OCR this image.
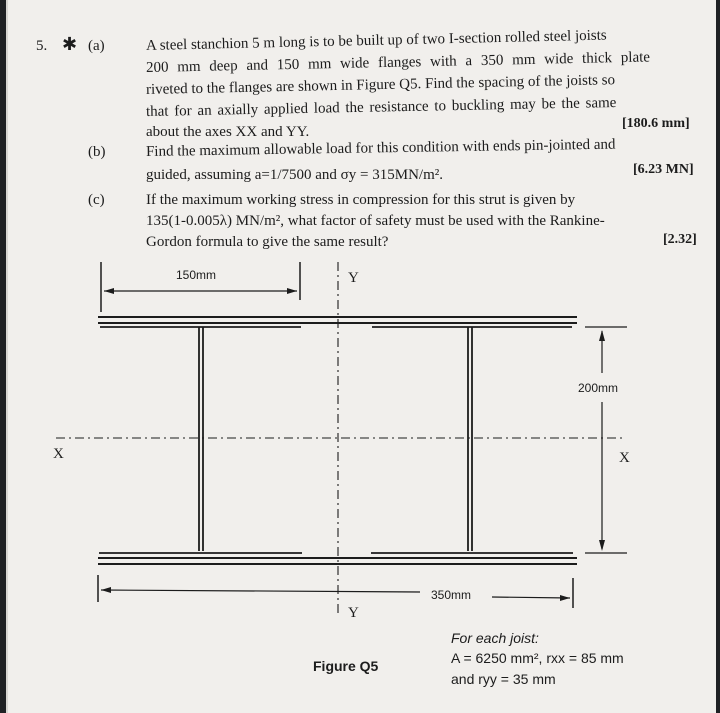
5. ✱ (a)	A steel stanchion 5 m long is to be built up of two I-section rolled steel joists
200 mm deep and 150 mm wide flanges with a 350 mm wide thick plate
riveted to the flanges are shown in Figure Q5. Find the spacing of the joists so
that for an axially applied load the resistance to buckling may be the same
about the axes XX and YY.
[180.6 mm]
(b)	Find the maximum allowable load for this condition with ends pin-jointed and
guided, assuming a=1/7500 and σy = 315MN/m².	[6.23 MN]
(c)	If the maximum working stress in compression for this strut is given by
135(1-0.005λ) MN/m², what factor of safety must be used with the Rankine-
Gordon formula to give the same result?	[2.32]
150mm	Y
200mm
X	X
350mm
Y
Figure Q5
For each joist:
A = 6250 mm², rxx = 85 mm
and ryy = 35 mm
